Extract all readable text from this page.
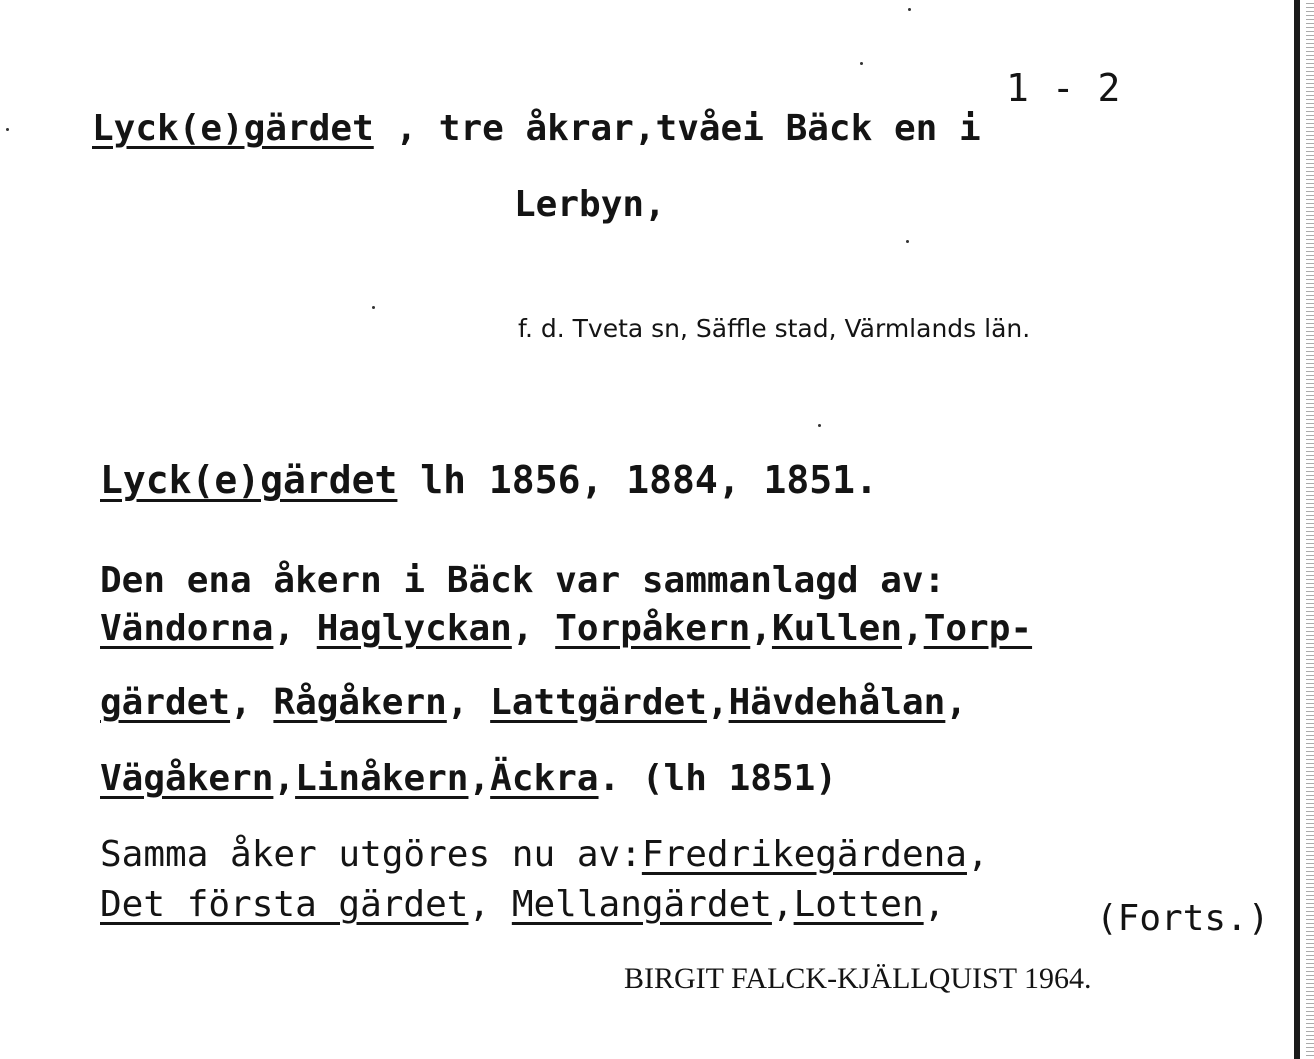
1 - 2
Lyck(e)gärdet , tre åkrar,tvåei Bäck en i
Lerbyn,
f. d. Tveta sn, Säffle stad, Värmlands län.
Lyck(e)gärdet lh 1856, 1884, 1851.
Den ena åkern i Bäck var sammanlagd av:
Vändorna, Haglyckan, Torpåkern,Kullen,Torp-
gärdet, Rågåkern, Lattgärdet,Hävdehålan,
Vägåkern,Linåkern,Äckra. (lh 1851)
Samma åker utgöres nu av:Fredrikegärdena,
Det första gärdet, Mellangärdet,Lotten,	(Forts.)
BIRGIT FALCK-KJÄLLQUIST 1964.
